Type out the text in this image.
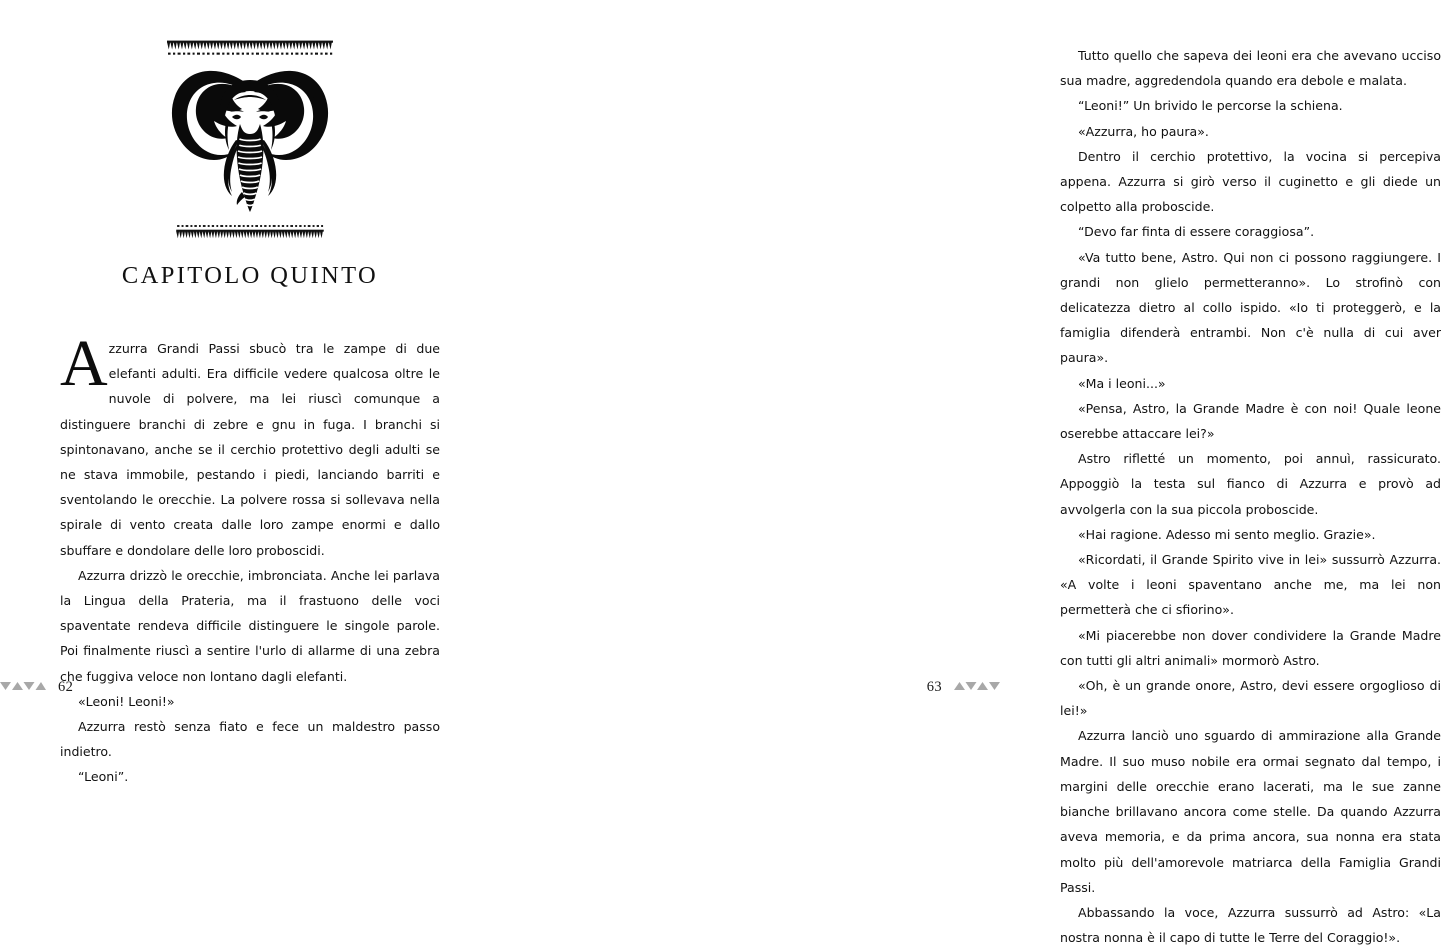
CAPITOLO QUINTO

Azzurra Grandi Passi sbucò tra le zampe di due elefanti adulti. Era difficile vedere qualcosa oltre le nuvole di polvere, ma lei riuscì comunque a distinguere branchi di zebre e gnu in fuga. I branchi si spintonavano, anche se il cerchio protettivo degli adulti se ne stava immobile, pestando i piedi, lanciando barriti e sventolando le orecchie. La polvere rossa si sollevava nella spirale di vento creata dalle loro zampe enormi e dallo sbuffare e dondolare delle loro proboscidi.

Azzurra drizzò le orecchie, imbronciata. Anche lei parlava la Lingua della Prateria, ma il frastuono delle voci spaventate rendeva difficile distinguere le singole parole. Poi finalmente riuscì a sentire l'urlo di allarme di una zebra che fuggiva veloce non lontano dagli elefanti.

«Leoni! Leoni!»

Azzurra restò senza fiato e fece un maldestro passo indietro.

“Leoni”.

62

Tutto quello che sapeva dei leoni era che avevano ucciso sua madre, aggredendola quando era debole e malata.

“Leoni!” Un brivido le percorse la schiena.

«Azzurra, ho paura».

Dentro il cerchio protettivo, la vocina si percepiva appena. Azzurra si girò verso il cuginetto e gli diede un colpetto alla proboscide.

“Devo far finta di essere coraggiosa”.

«Va tutto bene, Astro. Qui non ci possono raggiungere. I grandi non glielo permetteranno». Lo strofinò con delicatezza dietro al collo ispido. «Io ti proteggerò, e la famiglia difenderà entrambi. Non c'è nulla di cui aver paura».

«Ma i leoni...»

«Pensa, Astro, la Grande Madre è con noi! Quale leone oserebbe attaccare lei?»

Astro rifletté un momento, poi annuì, rassicurato. Appoggiò la testa sul fianco di Azzurra e provò ad avvolgerla con la sua piccola proboscide.

«Hai ragione. Adesso mi sento meglio. Grazie».

«Ricordati, il Grande Spirito vive in lei» sussurrò Azzurra. «A volte i leoni spaventano anche me, ma lei non permetterà che ci sfiorino».

«Mi piacerebbe non dover condividere la Grande Madre con tutti gli altri animali» mormorò Astro.

«Oh, è un grande onore, Astro, devi essere orgoglioso di lei!»

Azzurra lanciò uno sguardo di ammirazione alla Grande Madre. Il suo muso nobile era ormai segnato dal tempo, i margini delle orecchie erano lacerati, ma le sue zanne bianche brillavano ancora come stelle. Da quando Azzurra aveva memoria, e da prima ancora, sua nonna era stata molto più dell'amorevole matriarca della Famiglia Grandi Passi.

Abbassando la voce, Azzurra sussurrò ad Astro: «La nostra nonna è il capo di tutte le Terre del Coraggio!».

63
